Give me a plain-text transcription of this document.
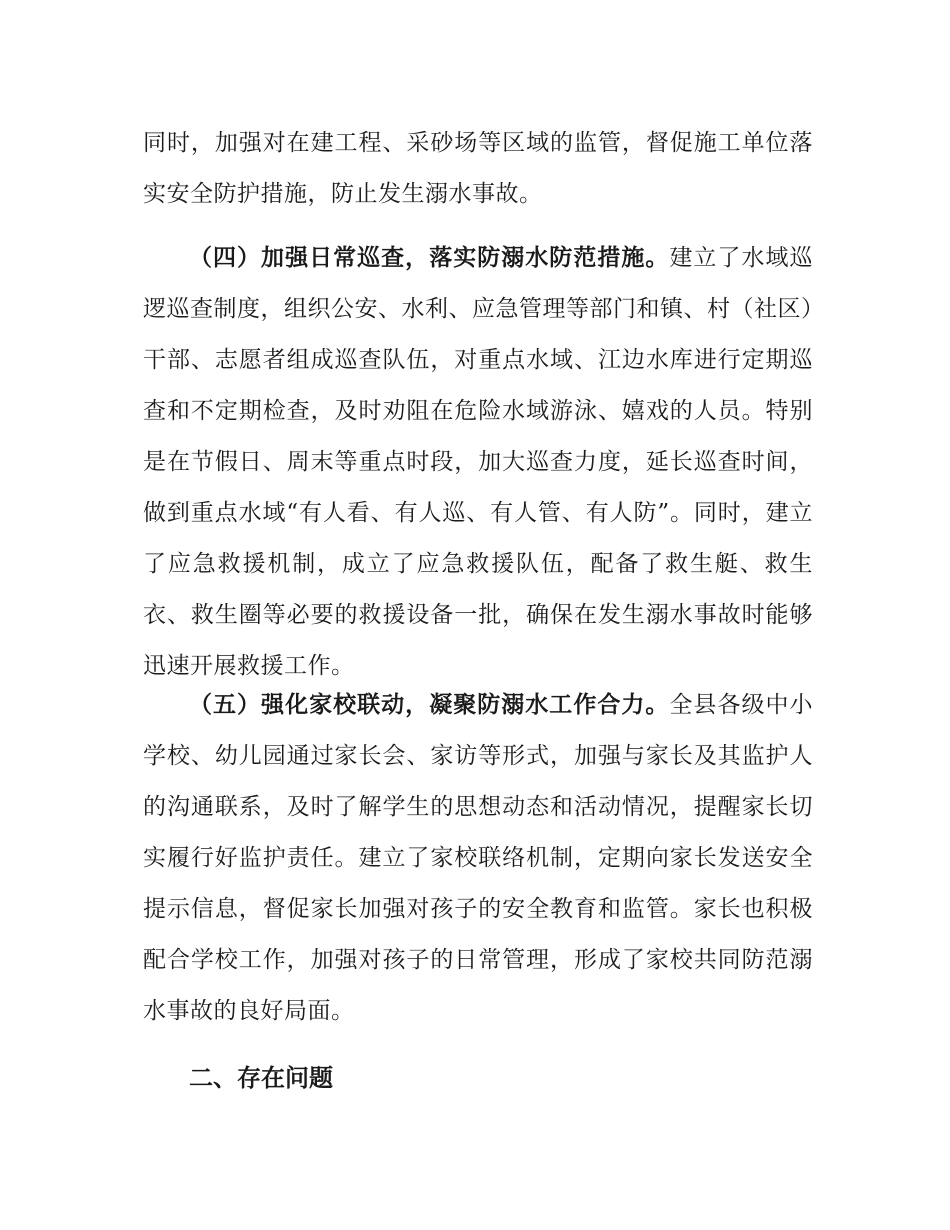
同时，加强对在建工程、采砂场等区域的监管，督促施工单位落实安全防护措施，防止发生溺水事故。

（四）加强日常巡查，落实防溺水防范措施。建立了水域巡逻巡查制度，组织公安、水利、应急管理等部门和镇、村（社区）干部、志愿者组成巡查队伍，对重点水域、江边水库进行定期巡查和不定期检查，及时劝阻在危险水域游泳、嬉戏的人员。特别是在节假日、周末等重点时段，加大巡查力度，延长巡查时间，做到重点水域“有人看、有人巡、有人管、有人防”。同时，建立了应急救援机制，成立了应急救援队伍，配备了救生艇、救生衣、救生圈等必要的救援设备一批，确保在发生溺水事故时能够迅速开展救援工作。

（五）强化家校联动，凝聚防溺水工作合力。全县各级中小学校、幼儿园通过家长会、家访等形式，加强与家长及其监护人的沟通联系，及时了解学生的思想动态和活动情况，提醒家长切实履行好监护责任。建立了家校联络机制，定期向家长发送安全提示信息，督促家长加强对孩子的安全教育和监管。家长也积极配合学校工作，加强对孩子的日常管理，形成了家校共同防范溺水事故的良好局面。

二、存在问题
